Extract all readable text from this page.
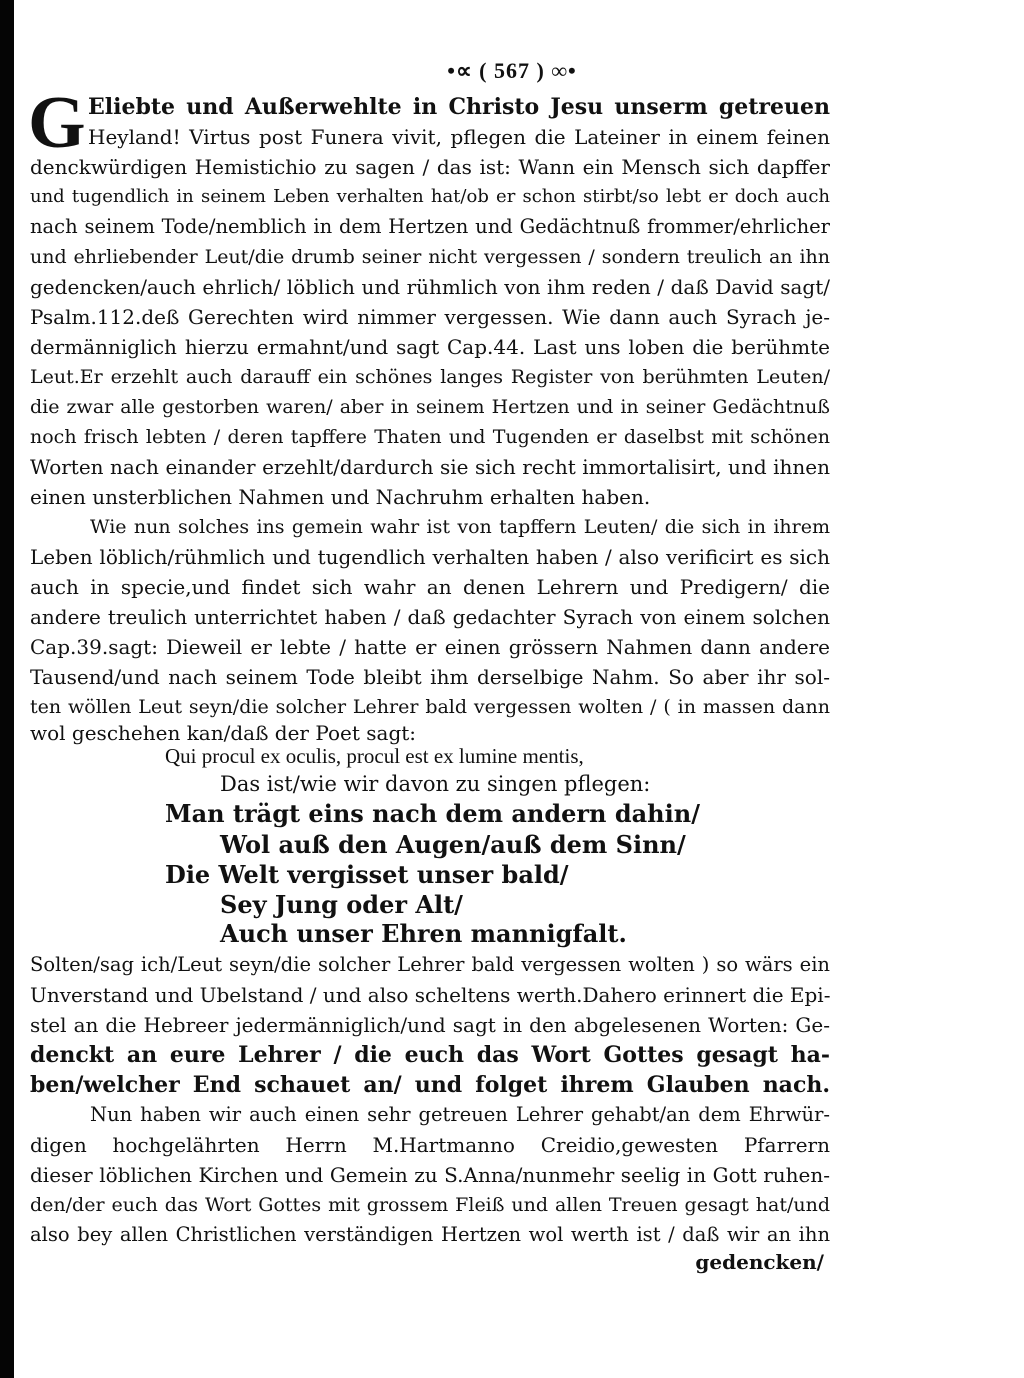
•∝ ( 567 ) ∞•
G Eliebte und Außerwehlte in Christo Jesu unserm getreuen
Heyland! Virtus post Funera vivit, pflegen die Lateiner in einem feinen
denckwürdigen Hemistichio zu sagen / das ist: Wann ein Mensch sich dapffer
und tugendlich in seinem Leben verhalten hat/ob er schon stirbt/so lebt er doch auch
nach seinem Tode/nemblich in dem Hertzen und Gedächtnuß frommer/ehrlicher
und ehrliebender Leut/die drumb seiner nicht vergessen / sondern treulich an ihn
gedencken/auch ehrlich/ löblich und rühmlich von ihm reden / daß David sagt/
Psalm.112.deß Gerechten wird nimmer vergessen. Wie dann auch Syrach je-
dermänniglich hierzu ermahnt/und sagt Cap.44. Last uns loben die berühmte
Leut.Er erzehlt auch darauff ein schönes langes Register von berühmten Leuten/
die zwar alle gestorben waren/ aber in seinem Hertzen und in seiner Gedächtnuß
noch frisch lebten / deren tapffere Thaten und Tugenden er daselbst mit schönen
Worten nach einander erzehlt/dardurch sie sich recht immortalisirt, und ihnen
einen unsterblichen Nahmen und Nachruhm erhalten haben.
Wie nun solches ins gemein wahr ist von tapffern Leuten/ die sich in ihrem
Leben löblich/rühmlich und tugendlich verhalten haben / also verificirt es sich
auch in specie,und findet sich wahr an denen Lehrern und Predigern/ die
andere treulich unterrichtet haben / daß gedachter Syrach von einem solchen
Cap.39.sagt: Dieweil er lebte / hatte er einen grössern Nahmen dann andere
Tausend/und nach seinem Tode bleibt ihm derselbige Nahm. So aber ihr sol-
ten wöllen Leut seyn/die solcher Lehrer bald vergessen wolten / ( in massen dann
wol geschehen kan/daß der Poet sagt:
Qui procul ex oculis, procul est ex lumine mentis,
Das ist/wie wir davon zu singen pflegen:
Man trägt eins nach dem andern dahin/
Wol auß den Augen/auß dem Sinn/
Die Welt vergisset unser bald/
Sey Jung oder Alt/
Auch unser Ehren mannigfalt.
Solten/sag ich/Leut seyn/die solcher Lehrer bald vergessen wolten ) so wärs ein
Unverstand und Ubelstand / und also scheltens werth.Dahero erinnert die Epi-
stel an die Hebreer jedermänniglich/und sagt in den abgelesenen Worten: Ge-
denckt an eure Lehrer / die euch das Wort Gottes gesagt ha-
ben/welcher End schauet an/ und folget ihrem Glauben nach.
Nun haben wir auch einen sehr getreuen Lehrer gehabt/an dem Ehrwür-
digen hochgelährten Herrn M.Hartmanno Creidio,gewesten Pfarrern
dieser löblichen Kirchen und Gemein zu S.Anna/nunmehr seelig in Gott ruhen-
den/der euch das Wort Gottes mit grossem Fleiß und allen Treuen gesagt hat/und
also bey allen Christlichen verständigen Hertzen wol werth ist / daß wir an ihn
gedencken/
